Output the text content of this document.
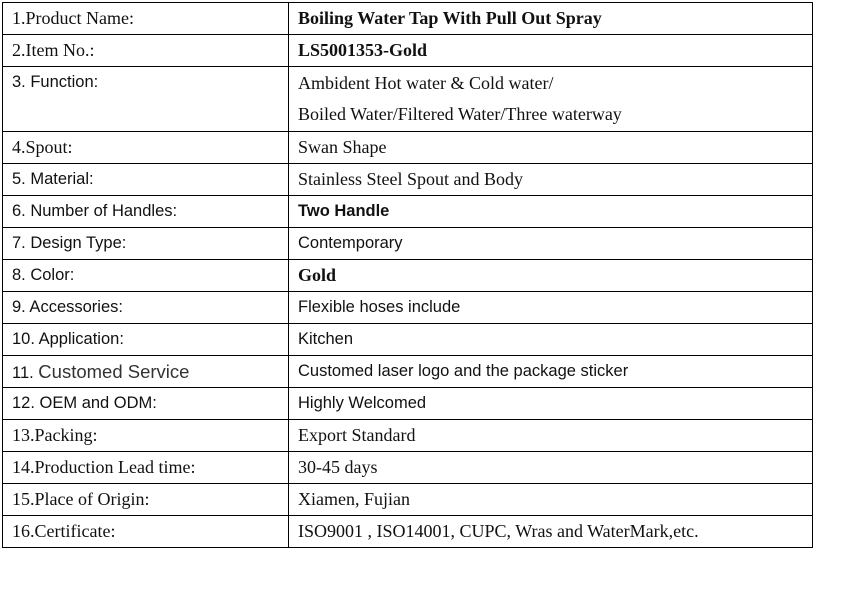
1.Product Name:	Boiling Water Tap With Pull Out Spray
2.Item No.:	LS5001353-Gold
3. Function:	Ambident Hot water & Cold water/
Boiled Water/Filtered Water/Three waterway

4.Spout:	Swan Shape
5. Material:	Stainless Steel Spout and Body
6. Number of Handles:	Two Handle
7. Design Type:	Contemporary
8. Color:	Gold
9. Accessories:	Flexible hoses include
10. Application:	Kitchen
11. Customed Service	Customed laser logo and the package sticker
12. OEM and ODM:	Highly Welcomed
13.Packing:	Export Standard
14.Production Lead time:	30-45 days
15.Place of Origin:	Xiamen, Fujian
16.Certificate:	ISO9001 , ISO14001, CUPC, Wras and WaterMark,etc.
